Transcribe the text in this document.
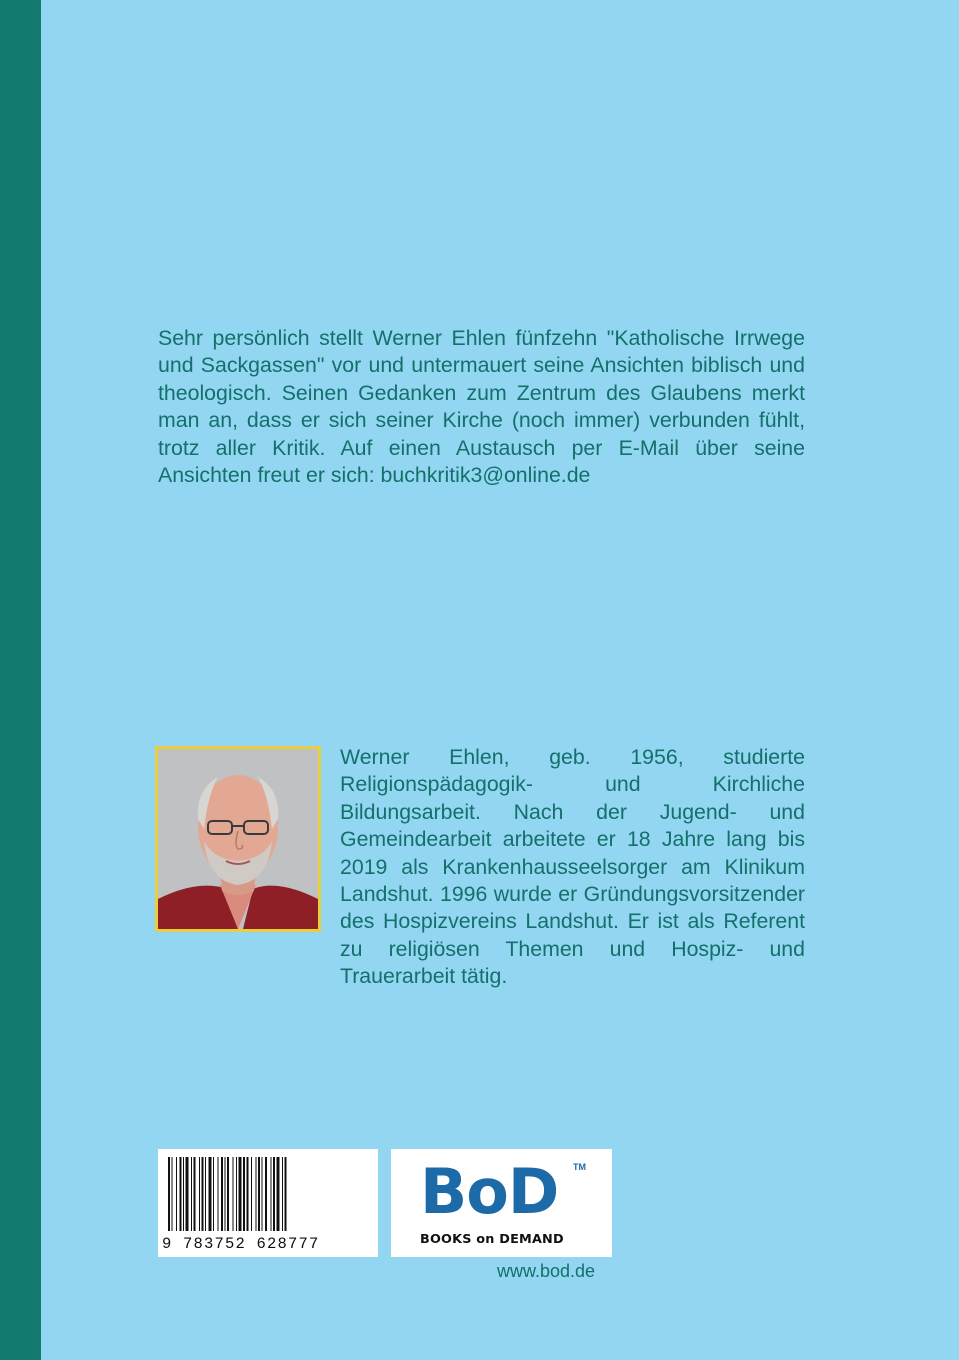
Sehr persönlich stellt Werner Ehlen fünfzehn "Katholische Irrwege und Sackgassen" vor und untermauert seine Ansichten biblisch und theologisch. Seinen Gedanken zum Zentrum des Glaubens merkt man an, dass er sich seiner Kirche (noch immer) verbunden fühlt, trotz aller Kritik. Auf einen Austausch per E-Mail über seine Ansichten freut er sich: buchkritik3@online.de

Werner Ehlen, geb. 1956, studierte Religionspädagogik- und Kirchliche Bildungsarbeit. Nach der Jugend- und Gemeindearbeit arbeitete er 18 Jahre lang bis 2019 als Krankenhausseelsorger am Klinikum Landshut. 1996 wurde er Gründungsvorsitzender des Hospizvereins Landshut. Er ist als Referent zu religiösen Themen und Hospiz- und Trauerarbeit tätig.

9 783752 628777
BoD TM
BOOKS on DEMAND
www.bod.de
